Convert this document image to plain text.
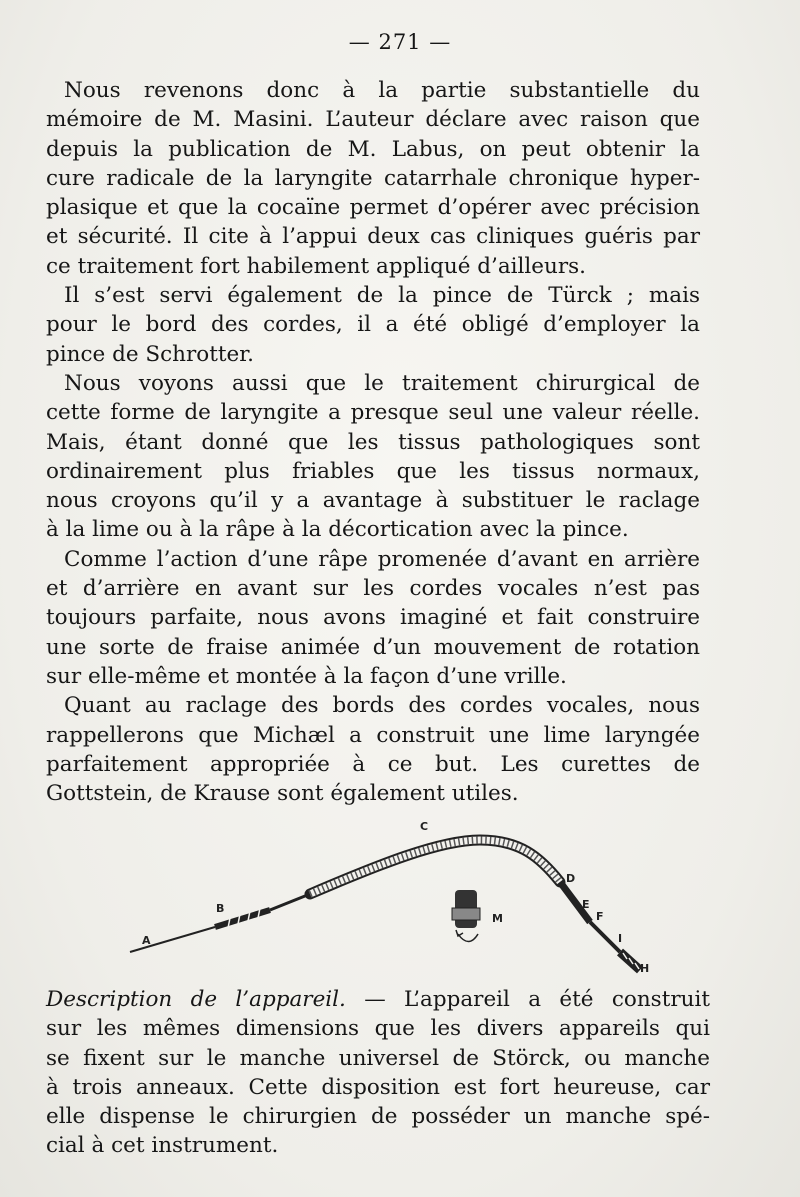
— 271 —

Nous revenons donc à la partie substantielle du
mémoire de M. Masini. L’auteur déclare avec raison que
depuis la publication de M. Labus, on peut obtenir la
cure radicale de la laryngite catarrhale chronique hyper-
plasique et que la cocaïne permet d’opérer avec précision
et sécurité. Il cite à l’appui deux cas cliniques guéris par
ce traitement fort habilement appliqué d’ailleurs.

Il s’est servi également de la pince de Türck ; mais
pour le bord des cordes, il a été obligé d’employer la
pince de Schrotter.

Nous voyons aussi que le traitement chirurgical de
cette forme de laryngite a presque seul une valeur réelle.
Mais, étant donné que les tissus pathologiques sont
ordinairement plus friables que les tissus normaux,
nous croyons qu’il y a avantage à substituer le raclage
à la lime ou à la râpe à la décortication avec la pince.

Comme l’action d’une râpe promenée d’avant en arrière
et d’arrière en avant sur les cordes vocales n’est pas
toujours parfaite, nous avons imaginé et fait construire
une sorte de fraise animée d’un mouvement de rotation
sur elle-même et montée à la façon d’une vrille.

Quant au raclage des bords des cordes vocales, nous
rappellerons que Michæl a construit une lime laryngée
parfaitement appropriée à ce but. Les curettes de
Gottstein, de Krause sont également utiles.

A
B
C
D
E
F
I
H
M
Description de l’appareil. — L’appareil a été construit
sur les mêmes dimensions que les divers appareils qui
se fixent sur le manche universel de Störck, ou manche
à trois anneaux. Cette disposition est fort heureuse, car
elle dispense le chirurgien de posséder un manche spé-
cial à cet instrument.
